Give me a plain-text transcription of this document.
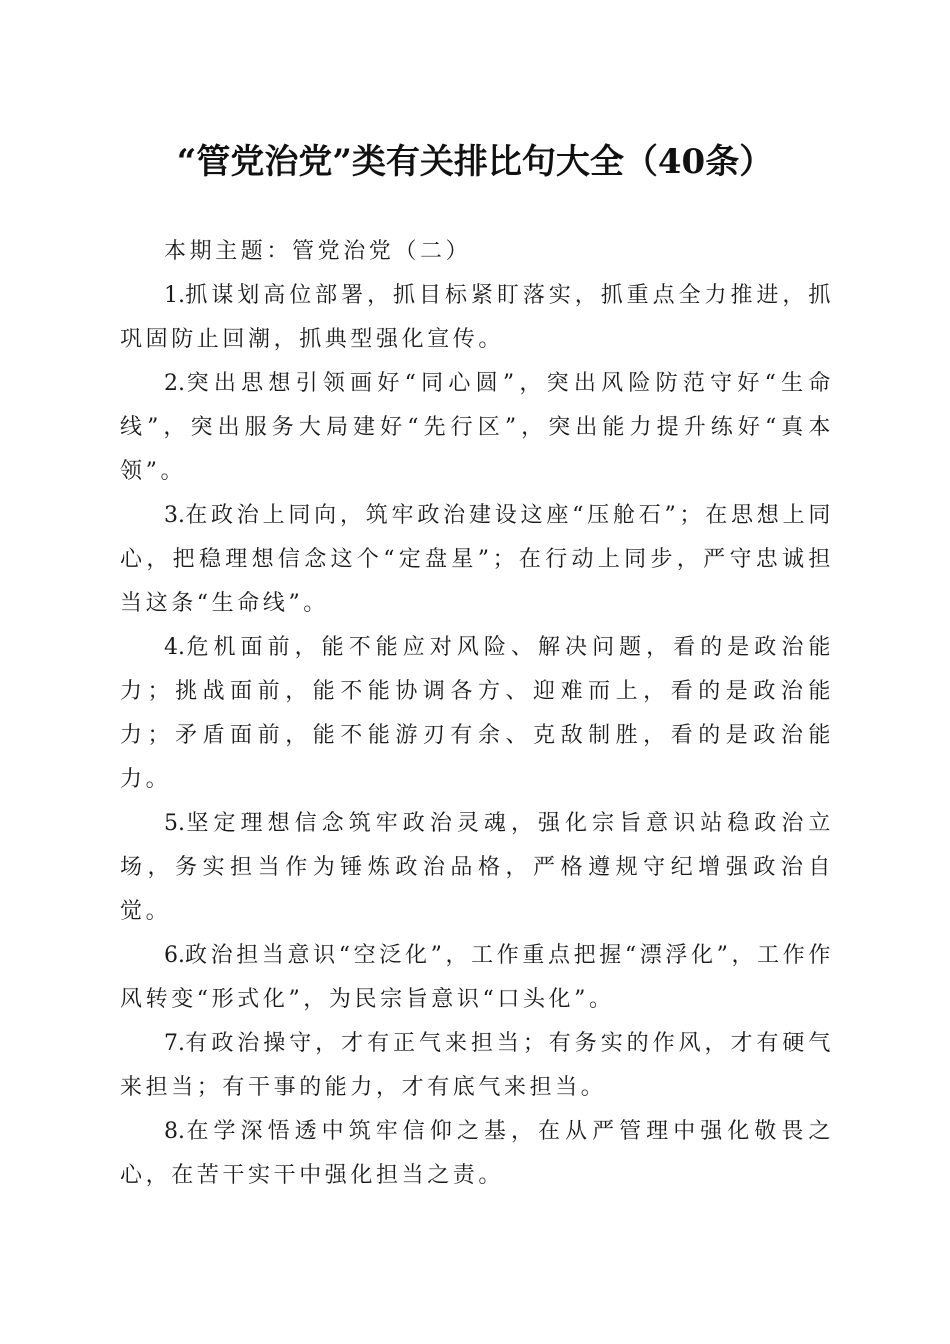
“管党治党”类有关排比句大全（40条）

本期主题：管党治党（二）

1.抓谋划高位部署，抓目标紧盯落实，抓重点全力推进，抓巩固防止回潮，抓典型强化宣传。

2.突出思想引领画好“同心圆”，突出风险防范守好“生命线”，突出服务大局建好“先行区”，突出能力提升练好“真本领”。

3.在政治上同向，筑牢政治建设这座“压舱石”；在思想上同心，把稳理想信念这个“定盘星”；在行动上同步，严守忠诚担当这条“生命线”。

4.危机面前，能不能应对风险、解决问题，看的是政治能力；挑战面前，能不能协调各方、迎难而上，看的是政治能力；矛盾面前，能不能游刃有余、克敌制胜，看的是政治能力。

5.坚定理想信念筑牢政治灵魂，强化宗旨意识站稳政治立场，务实担当作为锤炼政治品格，严格遵规守纪增强政治自觉。

6.政治担当意识“空泛化”，工作重点把握“漂浮化”，工作作风转变“形式化”，为民宗旨意识“口头化”。

7.有政治操守，才有正气来担当；有务实的作风，才有硬气来担当；有干事的能力，才有底气来担当。

8.在学深悟透中筑牢信仰之基，在从严管理中强化敬畏之心，在苦干实干中强化担当之责。
